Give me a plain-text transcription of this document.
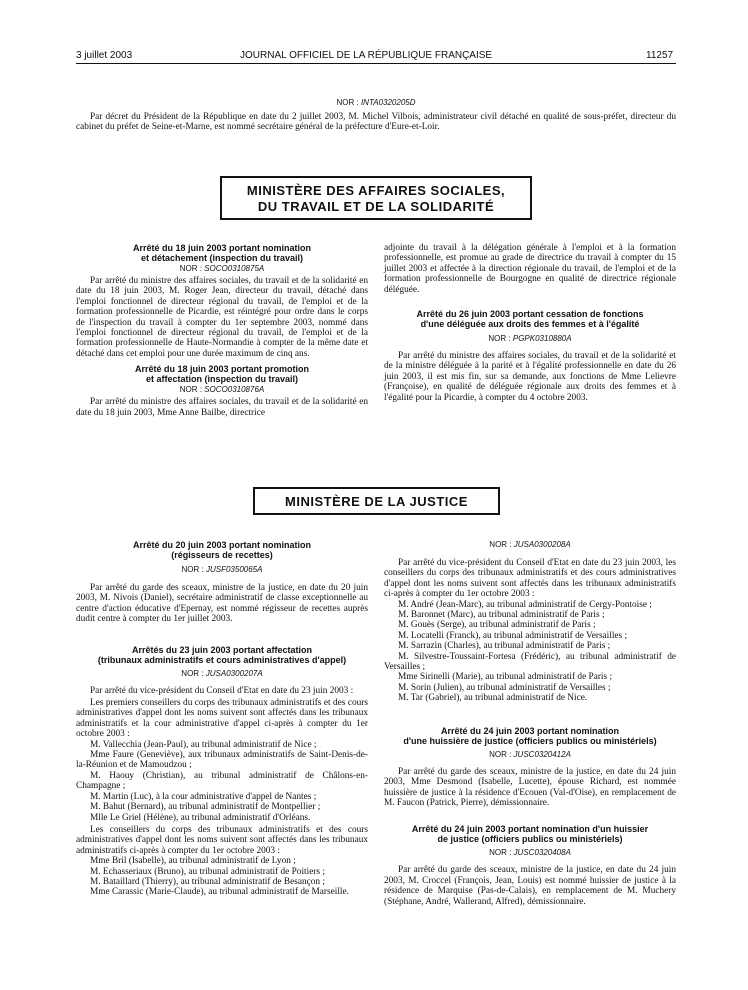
3 juillet 2003	JOURNAL OFFICIEL DE LA RÉPUBLIQUE FRANÇAISE	11257
NOR : INTA0320205D

Par décret du Président de la République en date du 2 juillet 2003, M. Michel Vilbois, administrateur civil détaché en qualité de sous-préfet, directeur du cabinet du préfet de Seine-et-Marne, est nommé secrétaire général de la préfecture d'Eure-et-Loir.

MINISTÈRE DES AFFAIRES SOCIALES,
DU TRAVAIL ET DE LA SOLIDARITÉ

Arrêté du 18 juin 2003 portant nomination
et détachement (inspection du travail)

NOR : SOCO0310875A

Par arrêté du ministre des affaires sociales, du travail et de la solidarité en date du 18 juin 2003, M. Roger Jean, directeur du travail, détaché dans l'emploi fonctionnel de directeur régional du travail, de l'emploi et de la formation professionnelle de Picardie, est réintégré pour ordre dans le corps de l'inspection du travail à compter du 1er septembre 2003, nommé dans l'emploi fonctionnel de directeur régional du travail, de l'emploi et de la formation professionnelle de Haute-Normandie à compter de la même date et détaché dans cet emploi pour une durée maximum de cinq ans.

Arrêté du 18 juin 2003 portant promotion
et affectation (inspection du travail)

NOR : SOCO0310876A

Par arrêté du ministre des affaires sociales, du travail et de la solidarité en date du 18 juin 2003, Mme Anne Bailbe, directrice

adjointe du travail à la délégation générale à l'emploi et à la formation professionnelle, est promue au grade de directrice du travail à compter du 15 juillet 2003 et affectée à la direction régionale du travail, de l'emploi et de la formation professionnelle de Bourgogne en qualité de directrice régionale déléguée.

Arrêté du 26 juin 2003 portant cessation de fonctions
d'une déléguée aux droits des femmes et à l'égalité

NOR : PGPK0310880A

Par arrêté du ministre des affaires sociales, du travail et de la solidarité et de la ministre déléguée à la parité et à l'égalité professionnelle en date du 26 juin 2003, il est mis fin, sur sa demande, aux fonctions de Mme Lelievre (Françoise), en qualité de déléguée régionale aux droits des femmes et à l'égalité pour la Picardie, à compter du 4 octobre 2003.

MINISTÈRE DE LA JUSTICE

Arrêté du 20 juin 2003 portant nomination
(régisseurs de recettes)

NOR : JUSF0350065A

Par arrêté du garde des sceaux, ministre de la justice, en date du 20 juin 2003, M. Nivois (Daniel), secrétaire administratif de classe exceptionnelle au centre d'action éducative d'Epernay, est nommé régisseur de recettes auprès dudit centre à compter du 1er juillet 2003.

Arrêtés du 23 juin 2003 portant affectation
(tribunaux administratifs et cours administratives d'appel)

NOR : JUSA0300207A

Par arrêté du vice-président du Conseil d'Etat en date du 23 juin 2003 :

Les premiers conseillers du corps des tribunaux administratifs et des cours administratives d'appel dont les noms suivent sont affectés dans les tribunaux administratifs et la cour administrative d'appel ci-après à compter du 1er octobre 2003 :

M. Vallecchia (Jean-Paul), au tribunal administratif de Nice ;

Mme Faure (Geneviève), aux tribunaux administratifs de Saint-Denis-de-la-Réunion et de Mamoudzou ;

M. Haouy (Christian), au tribunal administratif de Châlons-en-Champagne ;

M. Martin (Luc), à la cour administrative d'appel de Nantes ;

M. Bahut (Bernard), au tribunal administratif de Montpellier ;

Mlle Le Griel (Hélène), au tribunal administratif d'Orléans.

Les conseillers du corps des tribunaux administratifs et des cours administratives d'appel dont les noms suivent sont affectés dans les tribunaux administratifs ci-après à compter du 1er octobre 2003 :

Mme Bril (Isabelle), au tribunal administratif de Lyon ;

M. Echasseriaux (Bruno), au tribunal administratif de Poitiers ;

M. Bataillard (Thierry), au tribunal administratif de Besançon ;

Mme Carassic (Marie-Claude), au tribunal administratif de Marseille.

NOR : JUSA0300208A

Par arrêté du vice-président du Conseil d'Etat en date du 23 juin 2003, les conseillers du corps des tribunaux administratifs et des cours administratives d'appel dont les noms suivent sont affectés dans les tribunaux administratifs ci-après à compter du 1er octobre 2003 :

M. André (Jean-Marc), au tribunal administratif de Cergy-Pontoise ;

M. Baronnet (Marc), au tribunal administratif de Paris ;

M. Gouès (Serge), au tribunal administratif de Paris ;

M. Locatelli (Franck), au tribunal administratif de Versailles ;

M. Sarrazin (Charles), au tribunal administratif de Paris ;

M. Silvestre-Toussaint-Fortesa (Frédéric), au tribunal administratif de Versailles ;

Mme Sirinelli (Marie), au tribunal administratif de Paris ;

M. Sorin (Julien), au tribunal administratif de Versailles ;

M. Tar (Gabriel), au tribunal administratif de Nice.

Arrêté du 24 juin 2003 portant nomination
d'une huissière de justice (officiers publics ou ministériels)

NOR : JUSC0320412A

Par arrêté du garde des sceaux, ministre de la justice, en date du 24 juin 2003, Mme Desmond (Isabelle, Lucette), épouse Richard, est nommée huissière de justice à la résidence d'Ecouen (Val-d'Oise), en remplacement de M. Faucon (Patrick, Pierre), démissionnaire.

Arrêté du 24 juin 2003 portant nomination d'un huissier
de justice (officiers publics ou ministériels)

NOR : JUSC0320408A

Par arrêté du garde des sceaux, ministre de la justice, en date du 24 juin 2003, M. Croccel (François, Jean, Louis) est nommé huissier de justice à la résidence de Marquise (Pas-de-Calais), en remplacement de M. Muchery (Stéphane, André, Wallerand, Alfred), démissionnaire.
